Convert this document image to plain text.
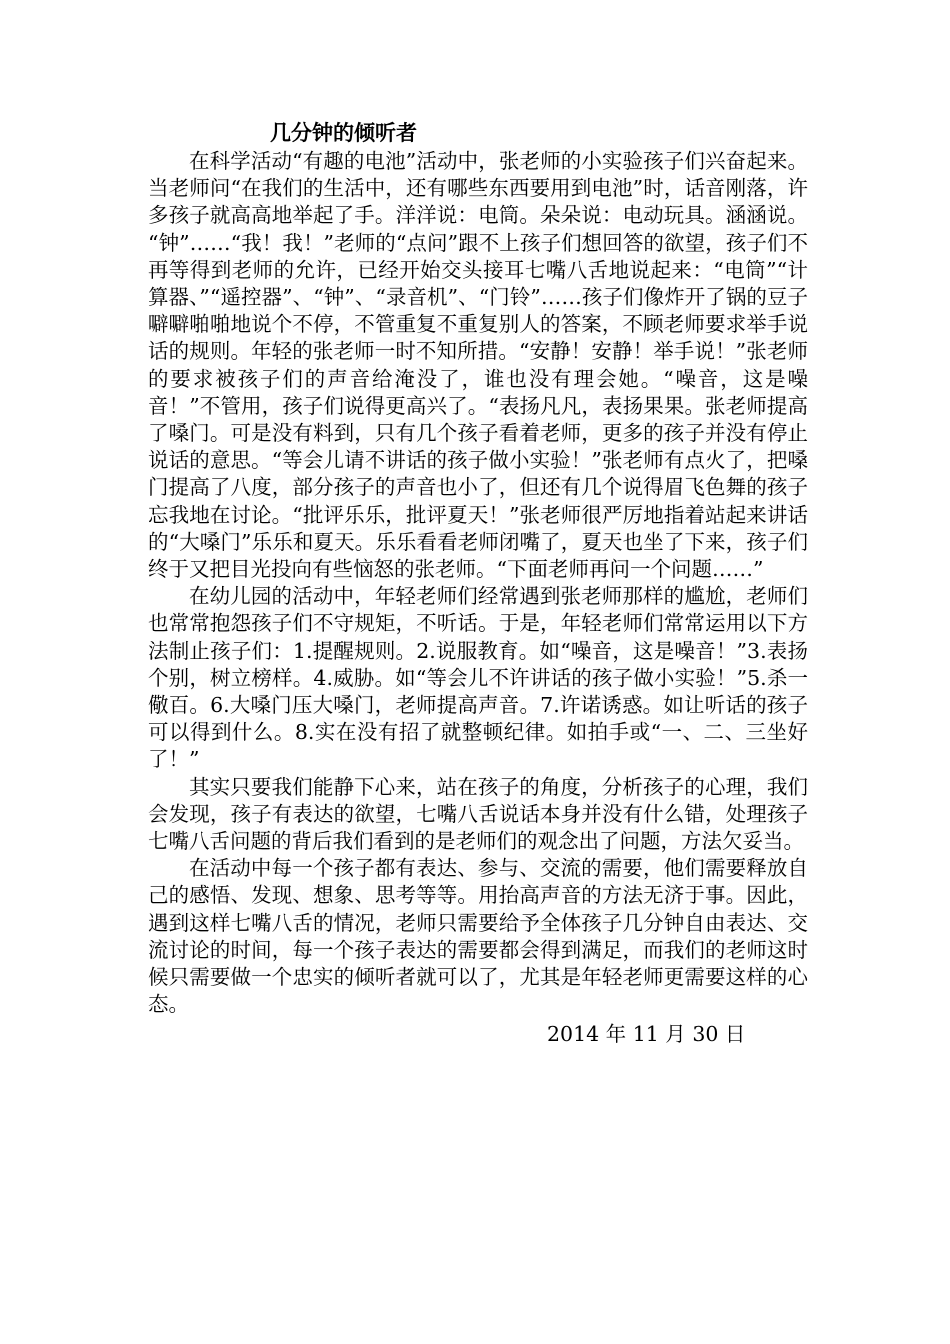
几分钟的倾听者

在科学活动“有趣的电池”活动中，张老师的小实验孩子们兴奋起来。当老师问“在我们的生活中，还有哪些东西要用到电池”时，话音刚落，许多孩子就高高地举起了手。洋洋说：电筒。朵朵说：电动玩具。涵涵说。 “钟”……“我！我！”老师的“点问”跟不上孩子们想回答的欲望，孩子们不再等得到老师的允许，已经开始交头接耳七嘴八舌地说起来：“电筒”“计算器、”“遥控器”、“钟”、“录音机”、“门铃”……孩子们像炸开了锅的豆子噼噼啪啪地说个不停，不管重复不重复别人的答案，不顾老师要求举手说话的规则。年轻的张老师一时不知所措。“安静！安静！举手说！”张老师的要求被孩子们的声音给淹没了，谁也没有理会她。“噪音，这是噪音！”不管用，孩子们说得更高兴了。“表扬凡凡，表扬果果。张老师提高了嗓门。可是没有料到，只有几个孩子看着老师，更多的孩子并没有停止说话的意思。“等会儿请不讲话的孩子做小实验！”张老师有点火了，把嗓门提高了八度，部分孩子的声音也小了，但还有几个说得眉飞色舞的孩子忘我地在讨论。“批评乐乐，批评夏天！”张老师很严厉地指着站起来讲话的“大嗓门”乐乐和夏天。乐乐看看老师闭嘴了，夏天也坐了下来，孩子们终于又把目光投向有些恼怒的张老师。“下面老师再问一个问题……”

在幼儿园的活动中，年轻老师们经常遇到张老师那样的尴尬，老师们也常常抱怨孩子们不守规矩，不听话。于是，年轻老师们常常运用以下方法制止孩子们：1.提醒规则。2.说服教育。如“噪音，这是噪音！”3.表扬个别，树立榜样。4.威胁。如“等会儿不许讲话的孩子做小实验！”5.杀一儆百。6.大嗓门压大嗓门，老师提高声音。7.许诺诱惑。如让听话的孩子可以得到什么。8.实在没有招了就整顿纪律。如拍手或“一、二、三坐好了！”

其实只要我们能静下心来，站在孩子的角度，分析孩子的心理，我们会发现，孩子有表达的欲望，七嘴八舌说话本身并没有什么错，处理孩子七嘴八舌问题的背后我们看到的是老师们的观念出了问题，方法欠妥当。

在活动中每一个孩子都有表达、参与、交流的需要，他们需要释放自己的感悟、发现、想象、思考等等。用抬高声音的方法无济于事。因此，遇到这样七嘴八舌的情况，老师只需要给予全体孩子几分钟自由表达、交流讨论的时间，每一个孩子表达的需要都会得到满足，而我们的老师这时候只需要做一个忠实的倾听者就可以了，尤其是年轻老师更需要这样的心态。

2014 年 11 月 30 日
